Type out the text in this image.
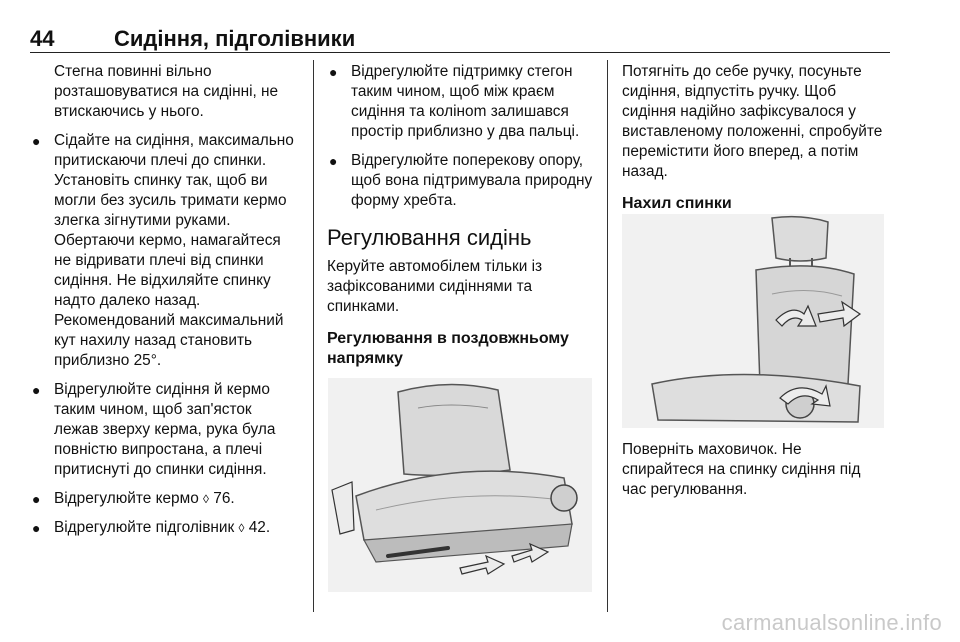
44	Сидіння, підголівники

Стегна повинні вільно розташовуватися на сидінні, не втискаючись у нього.

● Сідайте на сидіння, максимально притискаючи плечі до спинки. Установіть спинку так, щоб ви могли без зусиль тримати кермо злегка зігнутими руками. Обертаючи кермо, намагайтеся не відривати плечі від спинки сидіння. Не відхиляйте спинку надто далеко назад. Рекомендований максимальний кут нахилу назад становить приблизно 25°.
● Відрегулюйте сидіння й кермо таким чином, щоб зап'ясток лежав зверху керма, рука була повністю випростана, а плечі притиснуті до спинки сидіння.
● Відрегулюйте кермо ◊ 76.
● Відрегулюйте підголівник ◊ 42.
● Відрегулюйте підтримку стегон таким чином, щоб між краєм сидіння та колінom залишався простір приблизно у два пальці.
● Відрегулюйте поперекову опору, щоб вона підтримувала природну форму хребта.
Регулювання сидінь

Керуйте автомобілем тільки із зафіксованими сидіннями та спинками.

Регулювання в поздовжньому напрямку

Потягніть до себе ручку, посуньте сидіння, відпустіть ручку. Щоб сидіння надійно зафіксувалося у виставленому положенні, спробуйте перемістити його вперед, а потім назад.

Нахил спинки

Поверніть маховичок. Не спирайтеся на спинку сидіння під час регулювання.

carmanualsonline.info
